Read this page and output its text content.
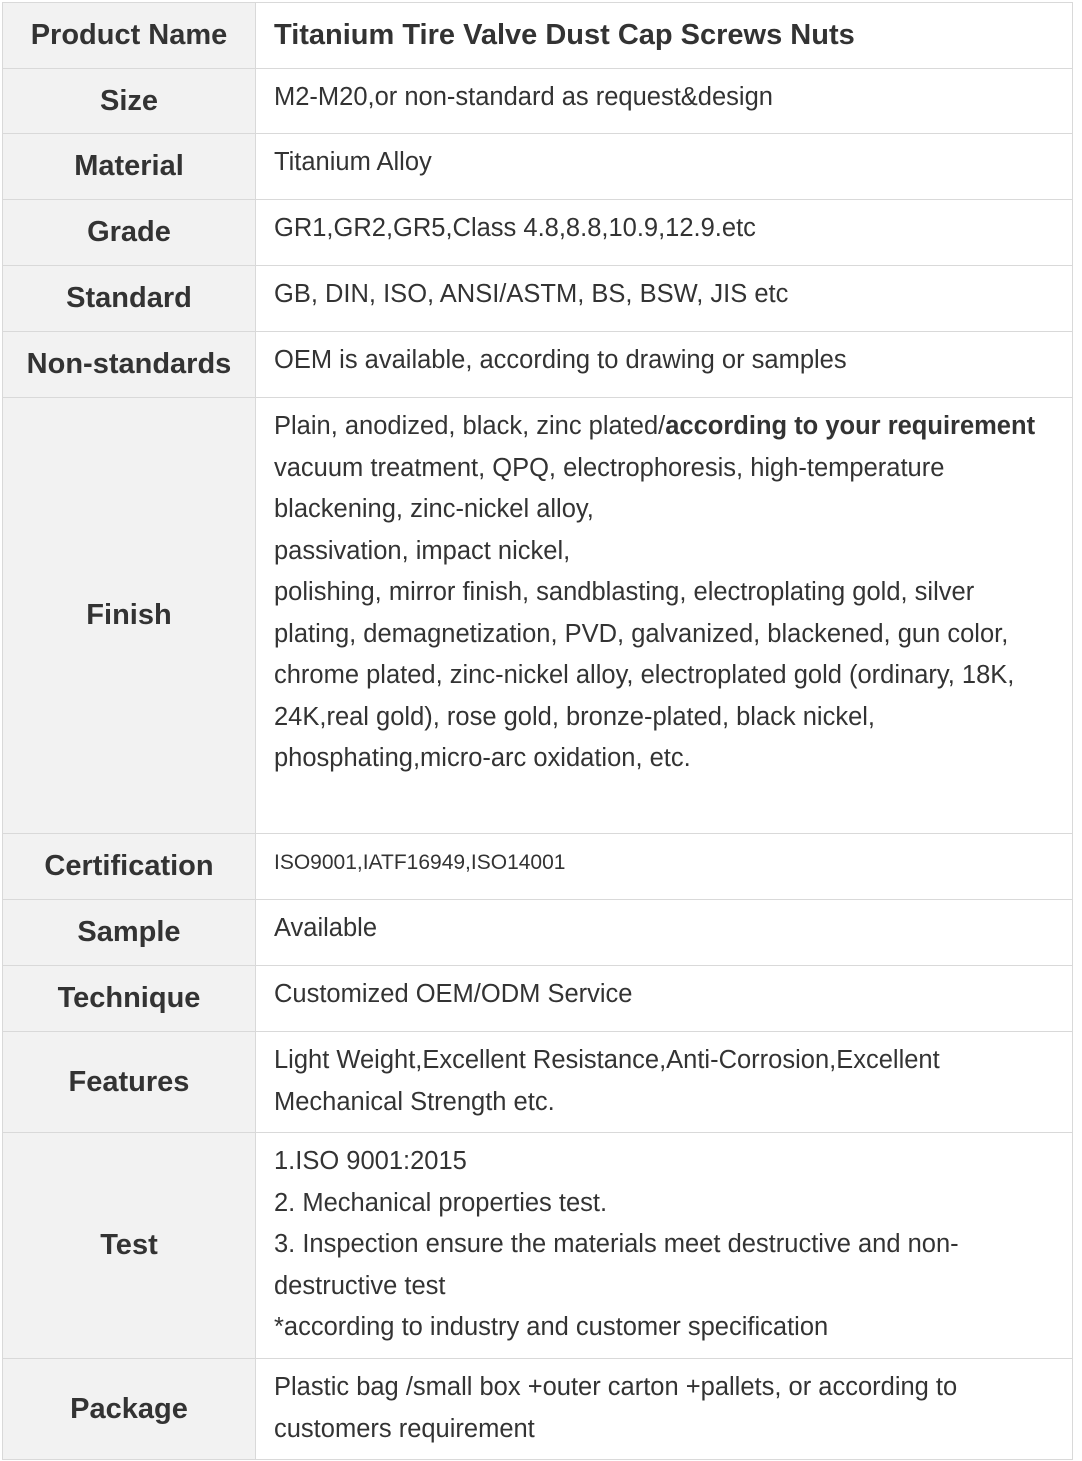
Product Name	Titanium Tire Valve Dust Cap Screws Nuts
Size	M2-M20,or non-standard as request&design
Material	Titanium Alloy
Grade	GR1,GR2,GR5,Class 4.8,8.8,10.9,12.9.etc
Standard	GB, DIN, ISO, ANSI/ASTM, BS, BSW, JIS etc
Non-standards	OEM is available, according to drawing or samples
Finish	Plain, anodized, black, zinc plated/according to your requirement
vacuum treatment, QPQ, electrophoresis, high-temperature blackening, zinc-nickel alloy,
passivation, impact nickel,
polishing, mirror finish, sandblasting, electroplating gold, silver plating, demagnetization, PVD, galvanized, blackened, gun color, chrome plated, zinc-nickel alloy, electroplated gold (ordinary, 18K, 24K,real gold), rose gold, bronze-plated, black nickel, phosphating,micro-arc oxidation, etc.

Certification	ISO9001,IATF16949,ISO14001
Sample	Available
Technique	Customized OEM/ODM Service
Features	Light Weight,Excellent Resistance,Anti-Corrosion,Excellent Mechanical Strength etc.
Test	1.ISO 9001:2015
2. Mechanical properties test.
3. Inspection ensure the materials meet destructive and non-destructive test
*according to industry and customer specification

Package	Plastic bag /small box +outer carton +pallets, or according to customers requirement
